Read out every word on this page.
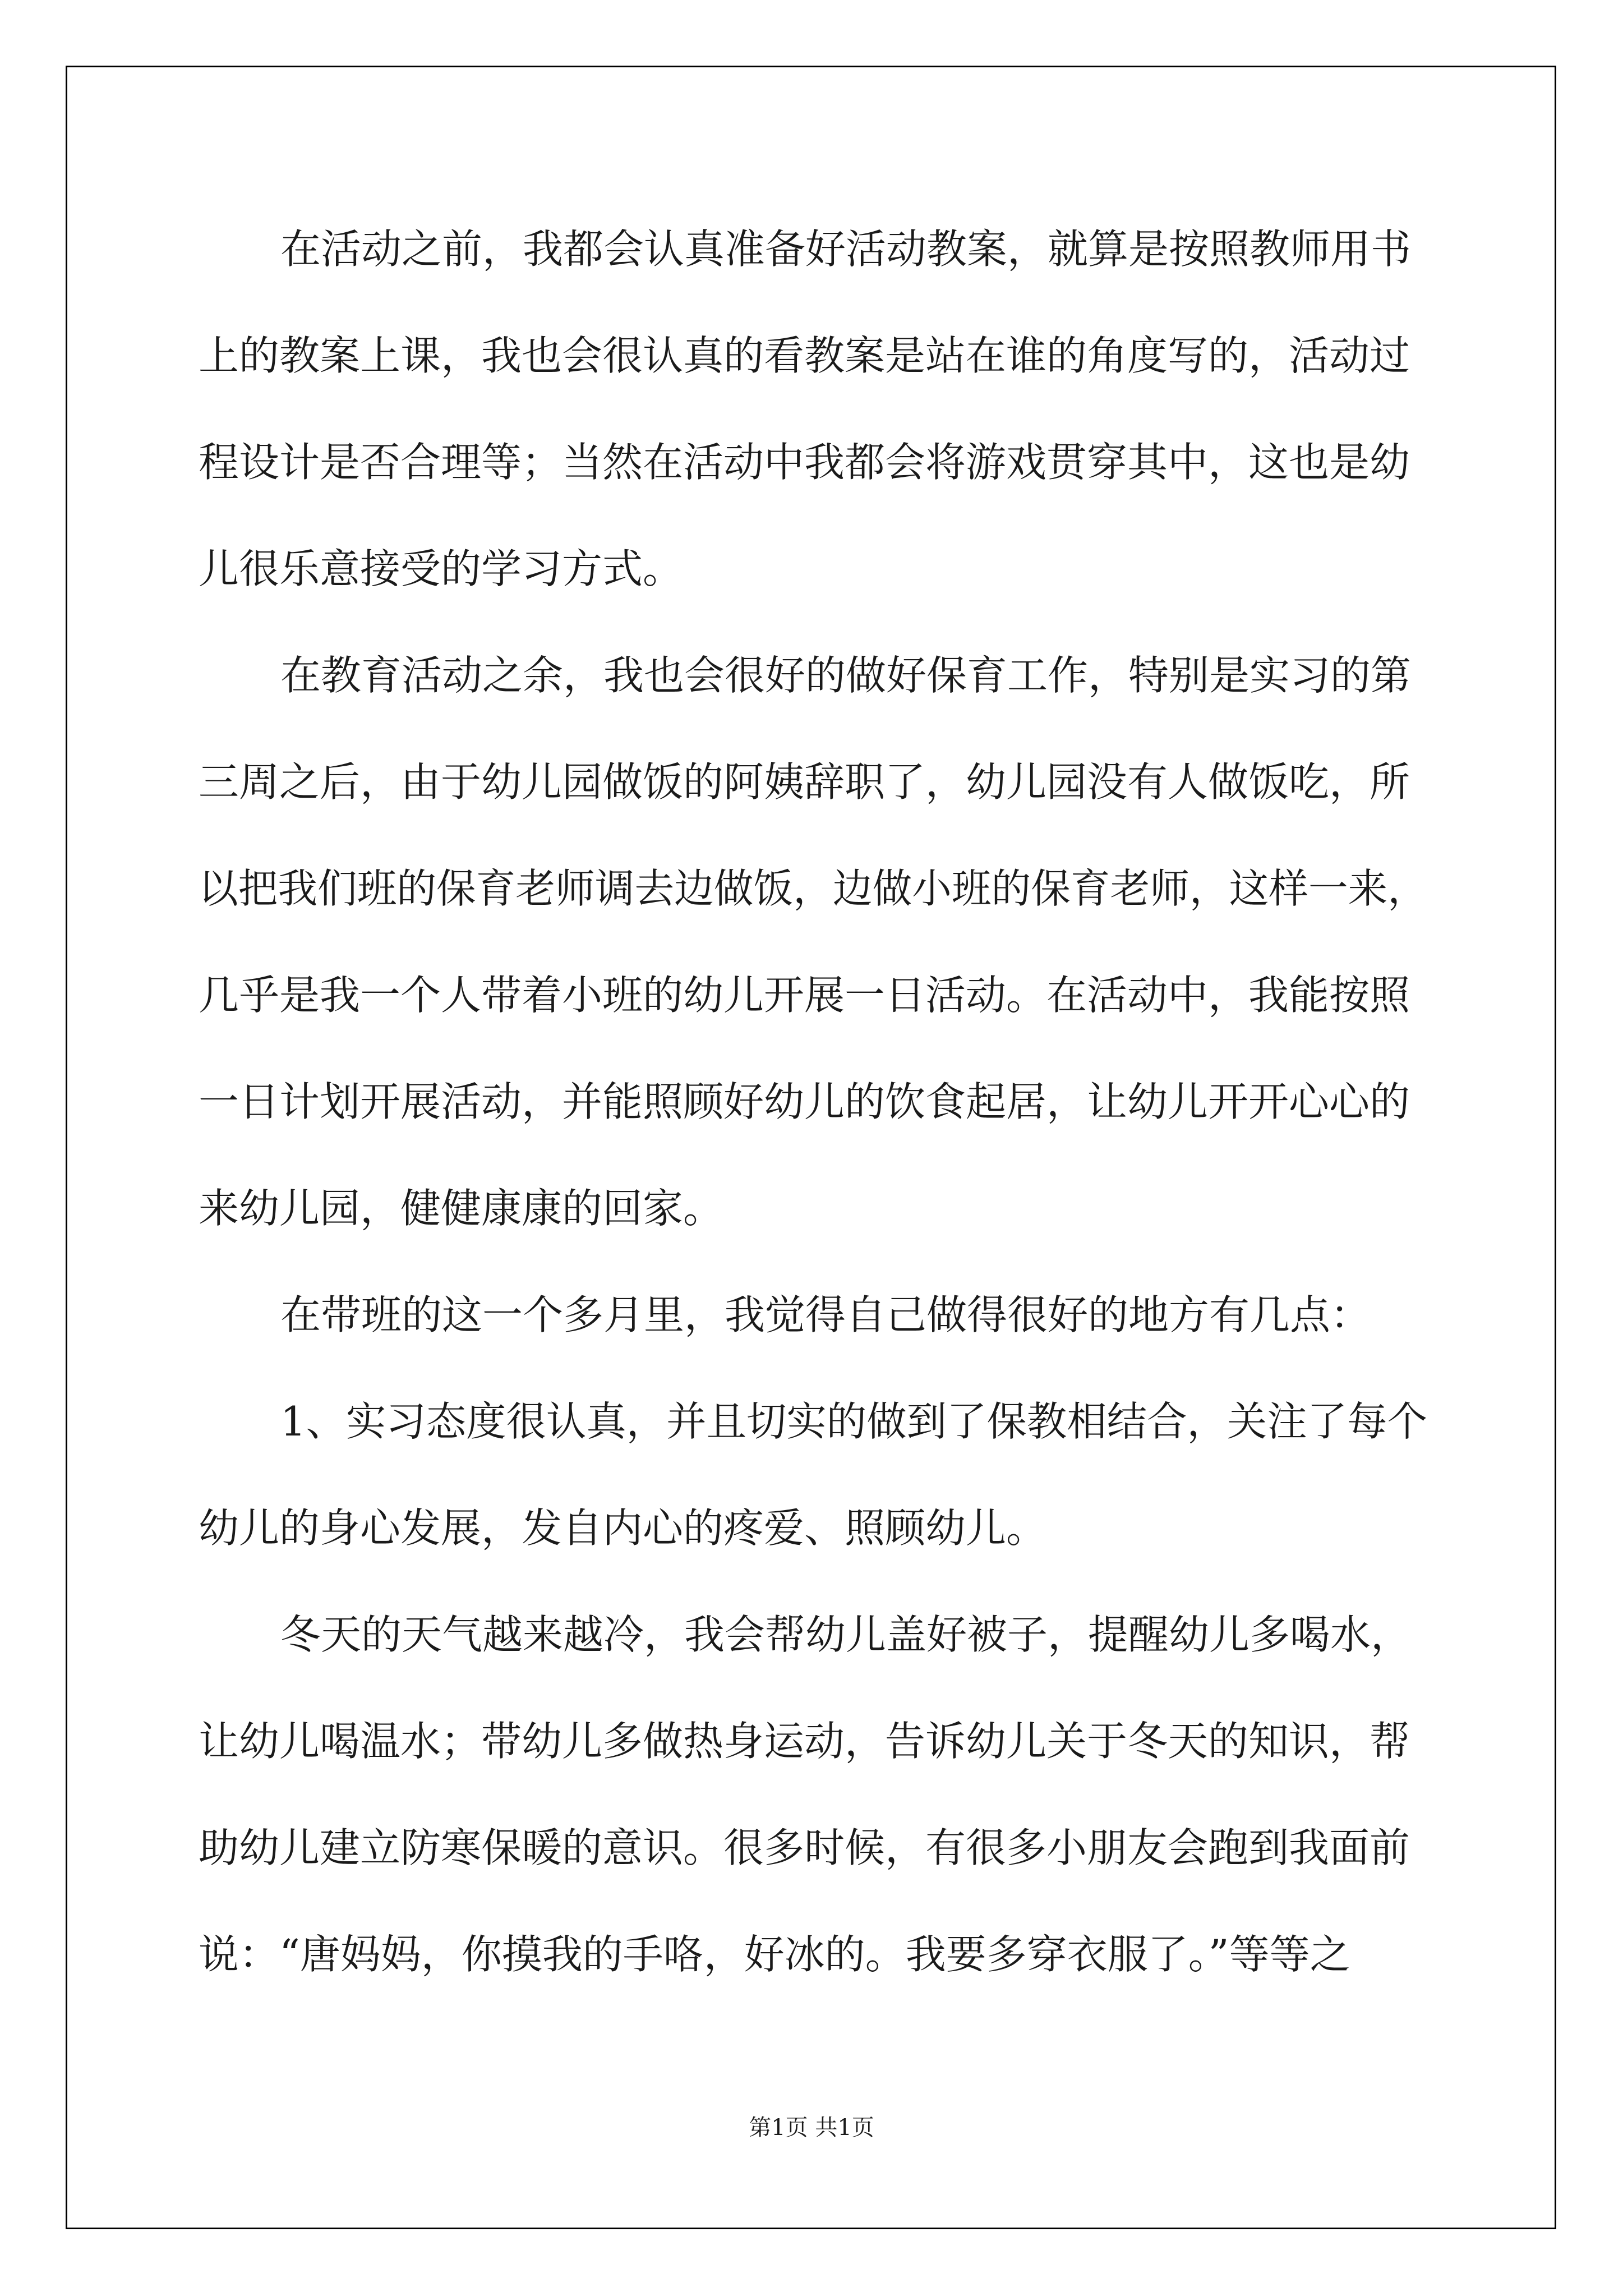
在活动之前，我都会认真准备好活动教案，就算是按照教师用书
上的教案上课，我也会很认真的看教案是站在谁的角度写的，活动过
程设计是否合理等；当然在活动中我都会将游戏贯穿其中，这也是幼
儿很乐意接受的学习方式。
在教育活动之余，我也会很好的做好保育工作，特别是实习的第
三周之后，由于幼儿园做饭的阿姨辞职了，幼儿园没有人做饭吃，所
以把我们班的保育老师调去边做饭，边做小班的保育老师，这样一来，
几乎是我一个人带着小班的幼儿开展一日活动。在活动中，我能按照
一日计划开展活动，并能照顾好幼儿的饮食起居，让幼儿开开心心的
来幼儿园，健健康康的回家。
在带班的这一个多月里，我觉得自己做得很好的地方有几点：
1、实习态度很认真，并且切实的做到了保教相结合，关注了每个
幼儿的身心发展，发自内心的疼爱、照顾幼儿。
冬天的天气越来越冷，我会帮幼儿盖好被子，提醒幼儿多喝水，
让幼儿喝温水；带幼儿多做热身运动，告诉幼儿关于冬天的知识，帮
助幼儿建立防寒保暖的意识。很多时候，有很多小朋友会跑到我面前
说：“唐妈妈，你摸我的手咯，好冰的。我要多穿衣服了。”等等之
第1页 共1页
